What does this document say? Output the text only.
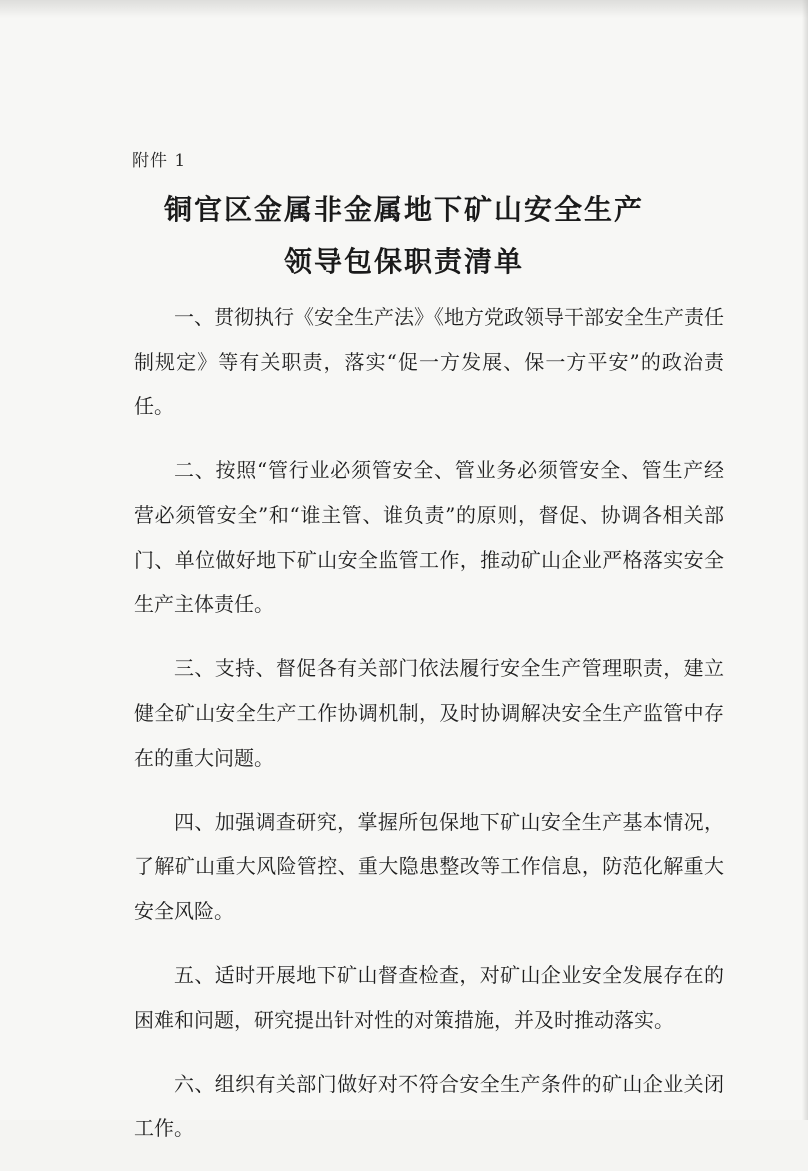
附件 1
铜官区金属非金属地下矿山安全生产
领导包保职责清单

一、贯彻执行《安全生产法》《地方党政领导干部安全生产责任制规定》等有关职责，落实“促一方发展、保一方平安”的政治责任。

二、按照“管行业必须管安全、管业务必须管安全、管生产经营必须管安全”和“谁主管、谁负责”的原则，督促、协调各相关部门、单位做好地下矿山安全监管工作，推动矿山企业严格落实安全生产主体责任。

三、支持、督促各有关部门依法履行安全生产管理职责，建立健全矿山安全生产工作协调机制，及时协调解决安全生产监管中存在的重大问题。

四、加强调查研究，掌握所包保地下矿山安全生产基本情况，了解矿山重大风险管控、重大隐患整改等工作信息，防范化解重大安全风险。

五、适时开展地下矿山督查检查，对矿山企业安全发展存在的困难和问题，研究提出针对性的对策措施，并及时推动落实。

六、组织有关部门做好对不符合安全生产条件的矿山企业关闭工作。
